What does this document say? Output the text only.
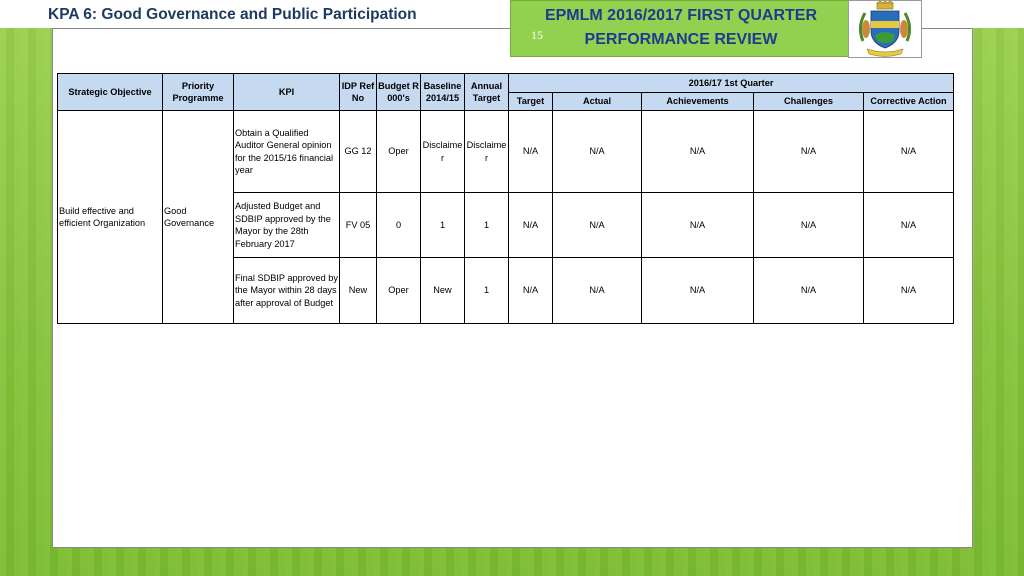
KPA 6: Good Governance and Public Participation	EPMLM 2016/2017 FIRST QUARTER
PERFORMANCE REVIEW
15
Strategic Objective	Priority Programme	KPI	IDP Ref No	Budget R 000's	Baseline 2014/15	Annual Target	2016/17 1st Quarter				
							Target	Actual	Achievements	Challenges	Corrective Action
Build effective and efficient Organization	Good Governance	Obtain a Qualified Auditor General opinion for the 2015/16 financial year	GG 12	Oper	Disclaimer	Disclaimer	N/A	N/A	N/A	N/A	N/A
		Adjusted Budget and SDBIP approved by the Mayor by the 28th February 2017	FV 05	0	1	1	N/A	N/A	N/A	N/A	N/A
		Final SDBIP approved by the Mayor within 28 days after approval of Budget	New	Oper	New	1	N/A	N/A	N/A	N/A	N/A
